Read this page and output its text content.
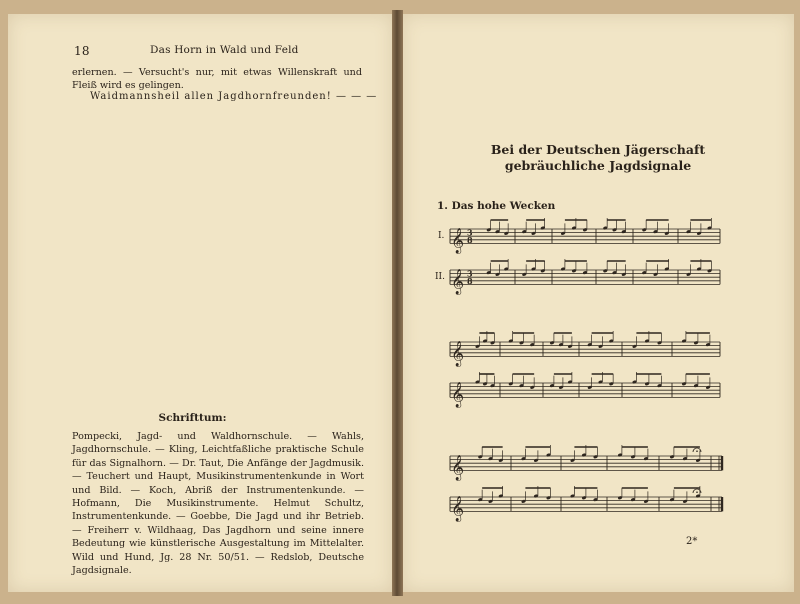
18	Das Horn in Wald und Feld

erlernen. — Versucht's nur, mit etwas Willenskraft und Fleiß wird es gelingen.

Waidmannsheil allen Jagdhornfreunden! — — —
Schrifttum:

Pompecki, Jagd- und Waldhornschule. — Wahls, Jagdhornschule. — Kling, Leichtfaßliche praktische Schule für das Signalhorn. — Dr. Taut, Die Anfänge der Jagdmusik. — Teuchert und Haupt, Musikinstrumentenkunde in Wort und Bild. — Koch, Abriß der Instrumentenkunde. — Hofmann, Die Musikinstrumente. Helmut Schultz, Instrumentenkunde. — Goebbe, Die Jagd und ihr Betrieb. — Freiherr v. Wildhaag, Das Jagdhorn und seine innere Bedeutung wie künstlerische Ausgestaltung im Mittelalter. Wild und Hund, Jg. 28 Nr. 50/51. — Redslob, Deutsche Jagdsignale.

Bei der Deutschen Jägerschaft
gebräuchliche Jagdsignale
1. Das hohe Wecken
I.
II.
𝄞 3
8
𝄞 3
8
𝄞
𝄞
𝄞
𝄞
2*
